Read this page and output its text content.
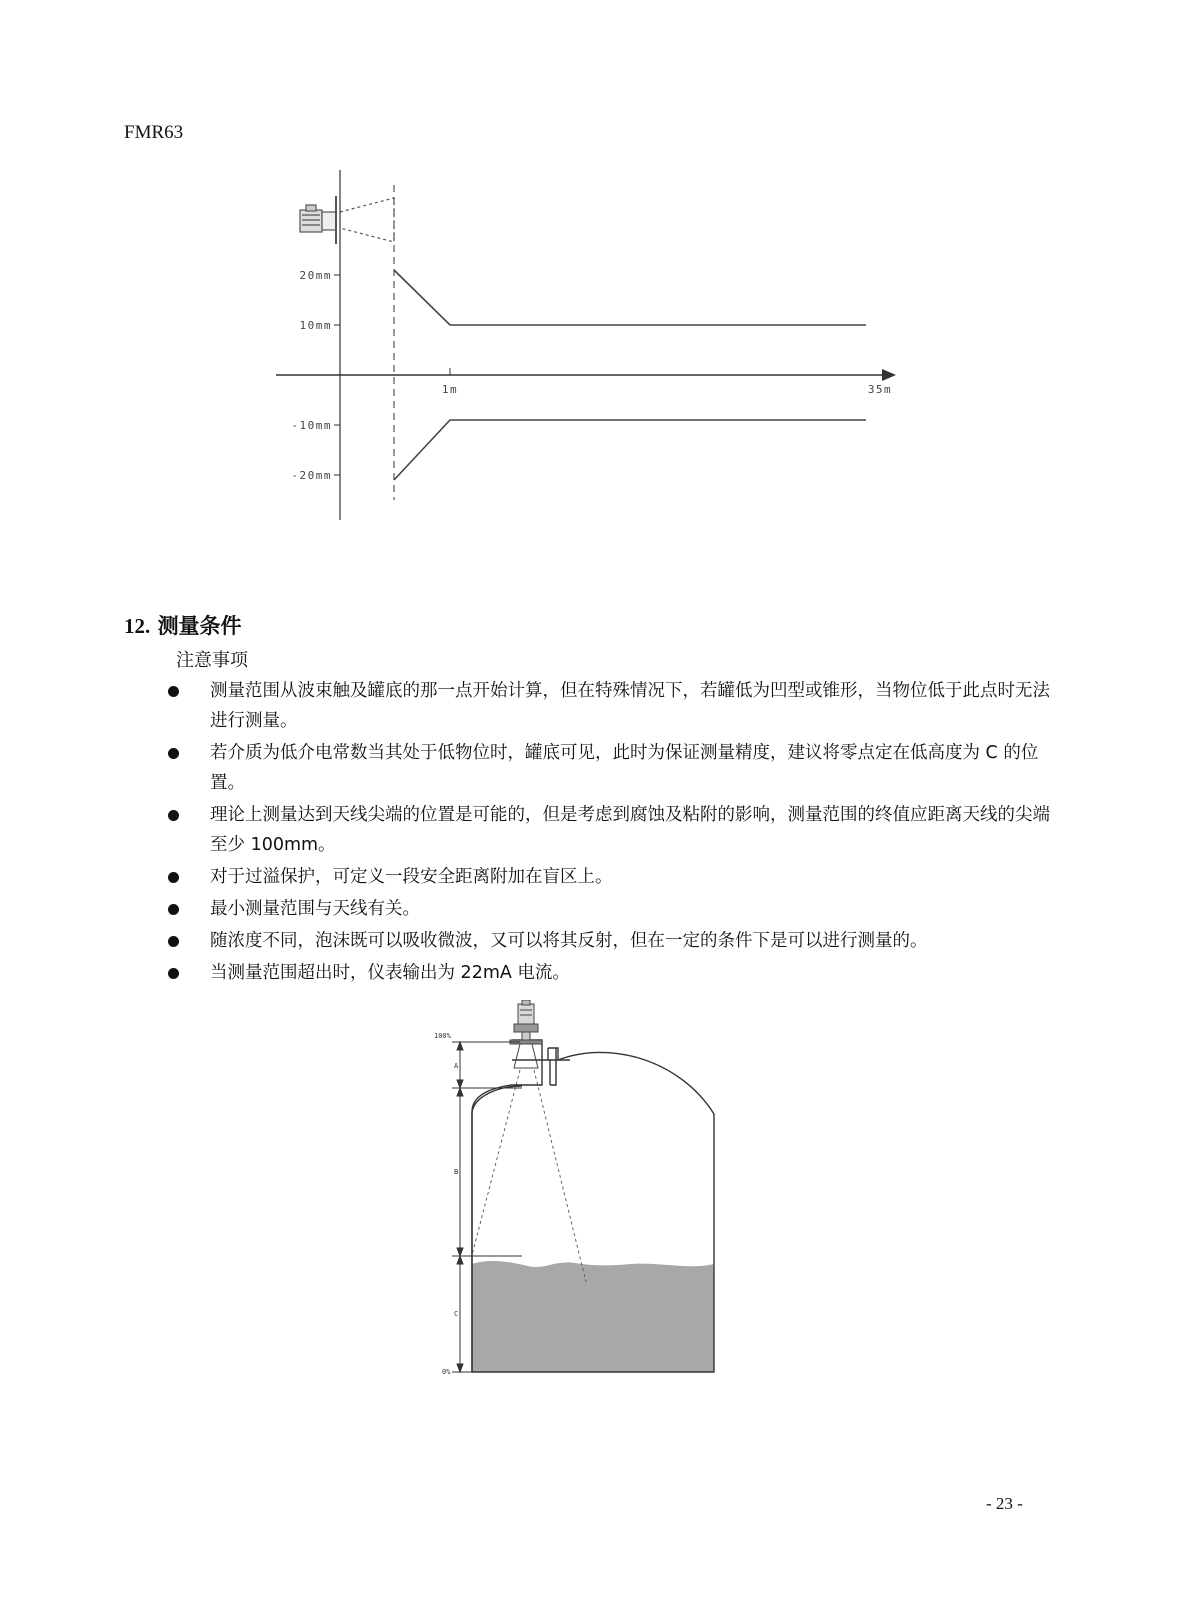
FMR63
20mm
10mm
-10mm
-20mm
1m	35m
12. 测量条件
注意事项
测量范围从波束触及罐底的那一点开始计算，但在特殊情况下，若罐低为凹型或锥形，当物位低于此点时无法进行测量。
若介质为低介电常数当其处于低物位时，罐底可见，此时为保证测量精度，建议将零点定在低高度为 C 的位置。
理论上测量达到天线尖端的位置是可能的，但是考虑到腐蚀及粘附的影响，测量范围的终值应距离天线的尖端至少 100mm。
对于过溢保护，可定义一段安全距离附加在盲区上。
最小测量范围与天线有关。
随浓度不同，泡沫既可以吸收微波，又可以将其反射，但在一定的条件下是可以进行测量的。
当测量范围超出时，仪表输出为 22mA 电流。
100%
0%
A
B
C
- 23 -
